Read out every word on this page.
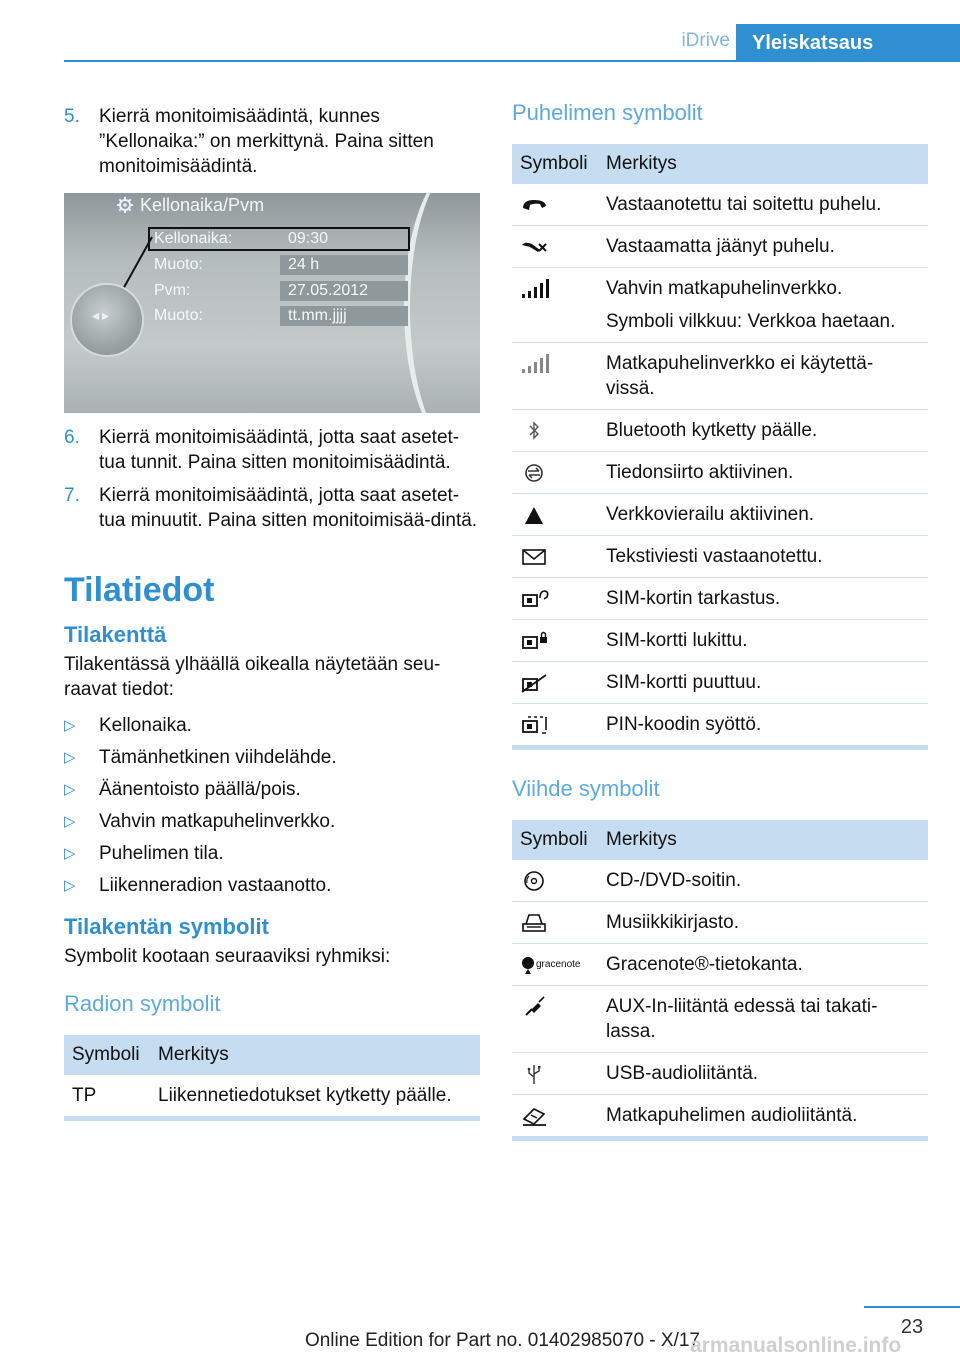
iDrive	Yleiskatsaus
5.	Kierrä monitoimisäädintä, kunnes ”Kellonaika:” on merkittynä. Paina sitten monitoimisäädintä.
Kellonaika/Pvm
Kellonaika:	09:30
Muoto:	24 h
Pvm:	27.05.2012
Muoto:	tt.mm.jjjj
◂▸
6.	Kierrä monitoimisäädintä, jotta saat asetet‐tua tunnit. Paina sitten monitoimisäädintä.
7.	Kierrä monitoimisäädintä, jotta saat asetet‐tua minuutit. Paina sitten monitoimisää‐dintä.
Tilatiedot
Tilakenttä
Tilakentässä ylhäällä oikealla näytetään seu‐raavat tiedot:
▷	Kellonaika.
▷	Tämänhetkinen viihdelähde.
▷	Äänentoisto päällä/pois.
▷	Vahvin matkapuhelinverkko.
▷	Puhelimen tila.
▷	Liikenneradion vastaanotto.
Tilakentän symbolit
Symbolit kootaan seuraaviksi ryhmiksi:
Radion symbolit
Symboli	Merkitys
TP	Liikennetiedotukset kytketty päälle.
Puhelimen symbolit
Symboli	Merkitys
	Vastaanotettu tai soitettu puhelu.
	Vastaamatta jäänyt puhelu.
	Vahvin matkapuhelinverkko.
Symboli vilkkuu: Verkkoa haetaan.

	Matkapuhelinverkko ei käytettä‐vissä.
	Bluetooth kytketty päälle.
	Tiedonsiirto aktiivinen.
	Verkkovierailu aktiivinen.
	Tekstiviesti vastaanotettu.
	SIM-kortin tarkastus.
	SIM-kortti lukittu.
	SIM-kortti puuttuu.
	PIN-koodin syöttö.
Viihde symbolit
Symboli	Merkitys
	CD-/DVD-soitin.
	Musiikkikirjasto.
gracenote	Gracenote®-tietokanta.
	AUX-In-liitäntä edessä tai takati‐lassa.
	USB-audioliitäntä.
	Matkapuhelimen audioliitäntä.
23
Online Edition for Part no. 01402985070 - X/17
armanualsonline.info
